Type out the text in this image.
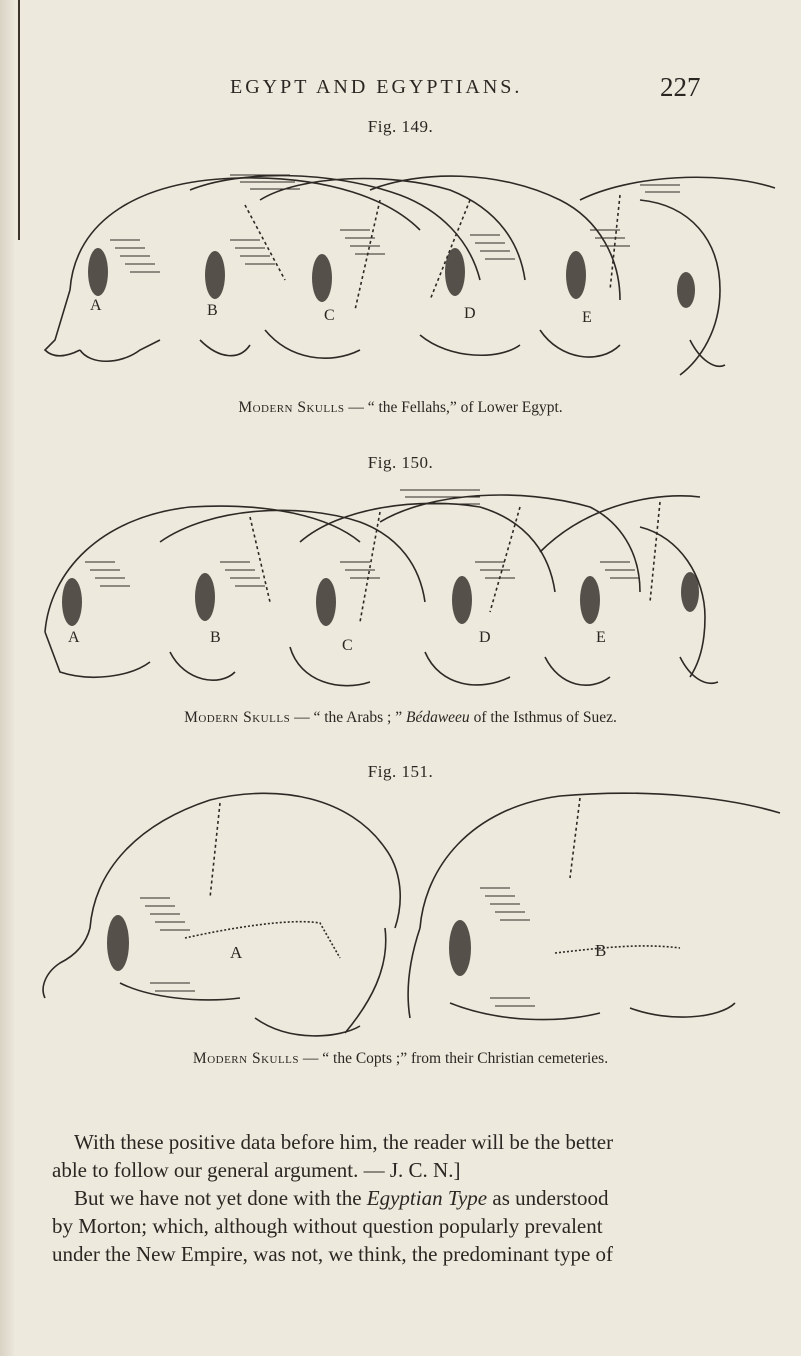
EGYPT AND EGYPTIANS.	227
Fig. 149.
A	B	C	D	E
Modern Skulls — “ the Fellahs,” of Lower Egypt.
Fig. 150.
A	B	C	D	E
Modern Skulls — “ the Arabs ; ” Bédaweeu of the Isthmus of Suez.
Fig. 151.
A	B
Modern Skulls — “ the Copts ;” from their Christian cemeteries.

With these positive data before him, the reader will be the better

able to follow our general argument. — J. C. N.]

But we have not yet done with the Egyptian Type as understood

by Morton; which, although without question popularly prevalent

under the New Empire, was not, we think, the predominant type of
